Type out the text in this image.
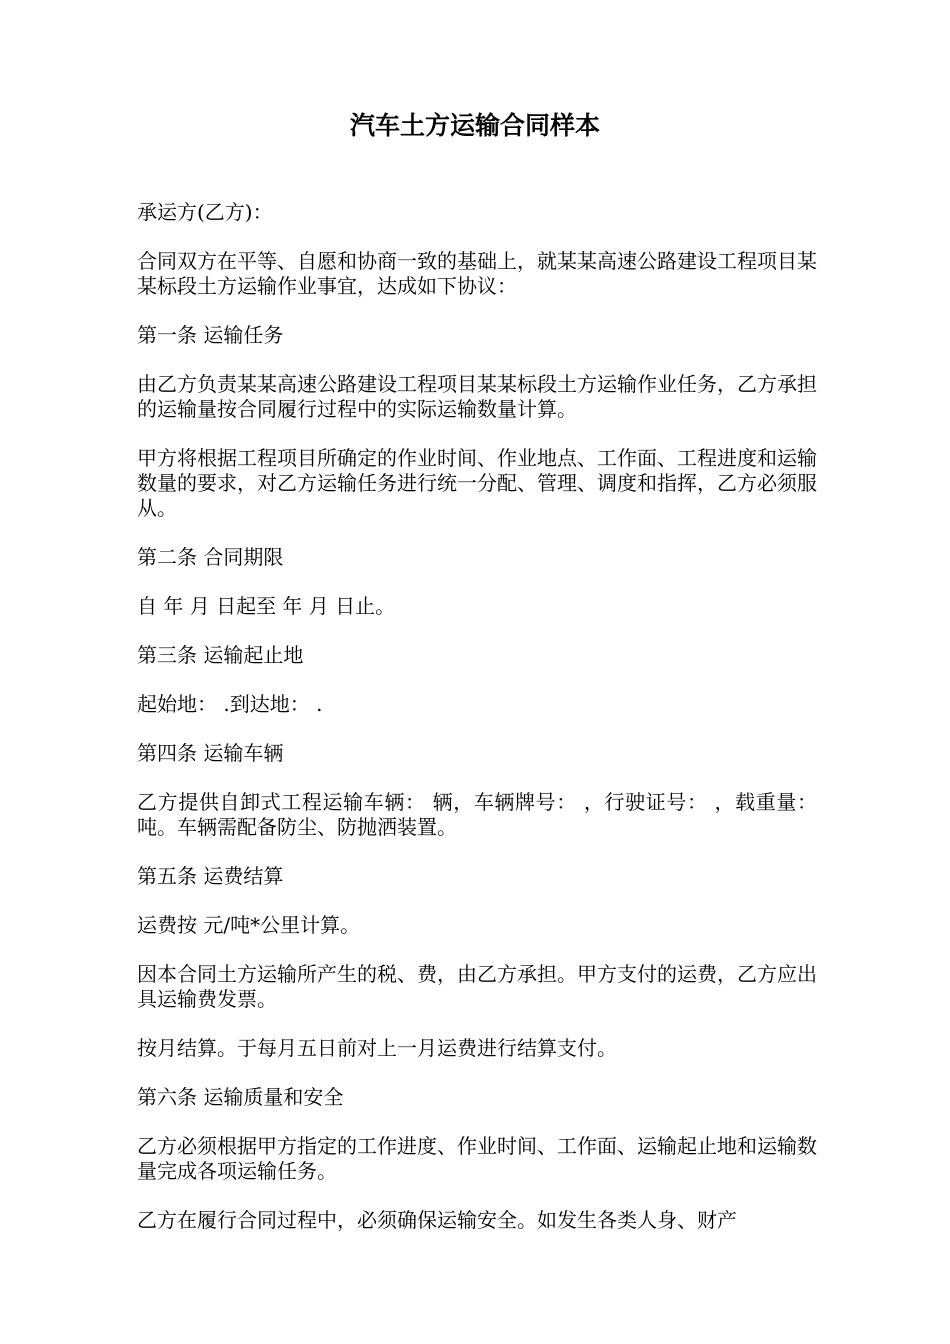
汽车土方运输合同样本

承运方(乙方)：

合同双方在平等、自愿和协商一致的基础上，就某某高速公路建设工程项目某某标段土方运输作业事宜，达成如下协议：

第一条 运输任务

由乙方负责某某高速公路建设工程项目某某标段土方运输作业任务，乙方承担的运输量按合同履行过程中的实际运输数量计算。

甲方将根据工程项目所确定的作业时间、作业地点、工作面、工程进度和运输数量的要求，对乙方运输任务进行统一分配、管理、调度和指挥，乙方必须服从。

第二条 合同期限

自 年 月 日起至 年 月 日止。

第三条 运输起止地

起始地： .到达地： .

第四条 运输车辆

乙方提供自卸式工程运输车辆： 辆，车辆牌号： ，行驶证号： ，载重量： 吨。车辆需配备防尘、防抛洒装置。

第五条 运费结算

运费按 元/吨*公里计算。

因本合同土方运输所产生的税、费，由乙方承担。甲方支付的运费，乙方应出具运输费发票。

按月结算。于每月五日前对上一月运费进行结算支付。

第六条 运输质量和安全

乙方必须根据甲方指定的工作进度、作业时间、工作面、运输起止地和运输数量完成各项运输任务。

乙方在履行合同过程中，必须确保运输安全。如发生各类人身、财产
